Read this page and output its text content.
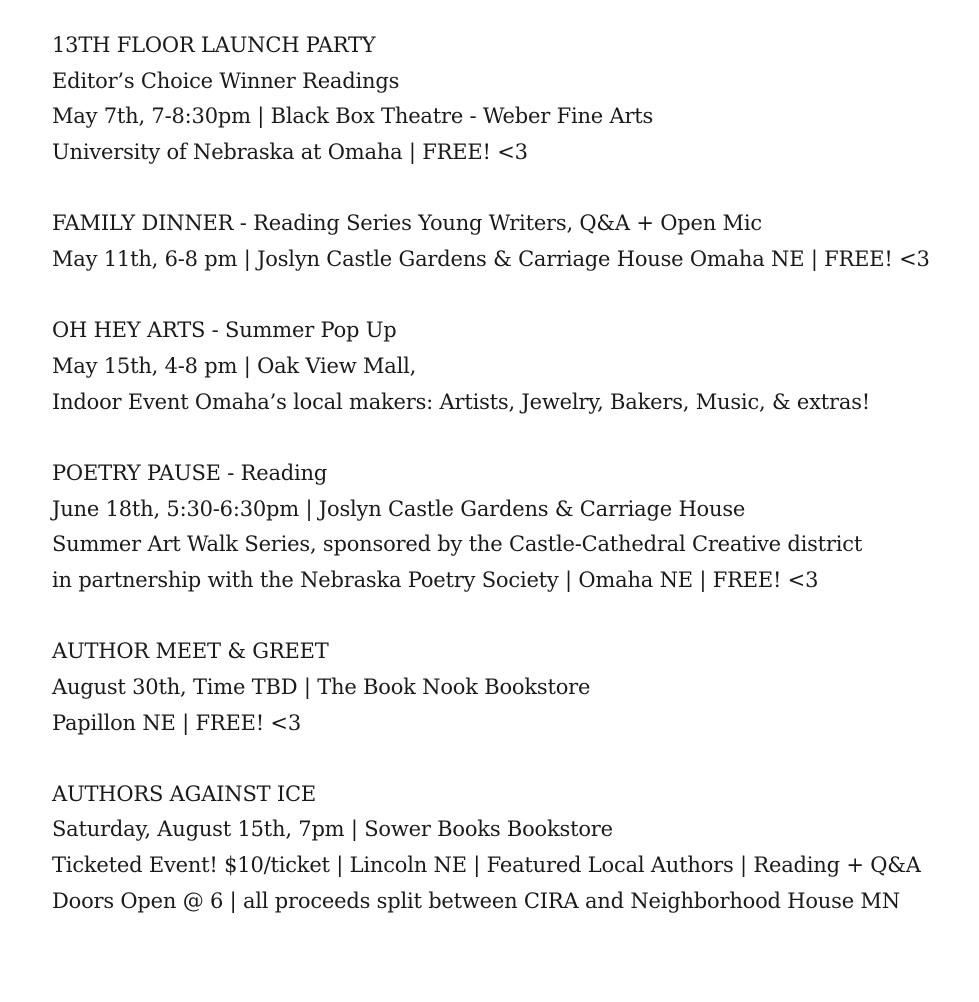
13TH FLOOR LAUNCH PARTY
Editor’s Choice Winner Readings
May 7th, 7-8:30pm | Black Box Theatre - Weber Fine Arts
University of Nebraska at Omaha | FREE! <3
FAMILY DINNER - Reading Series Young Writers, Q&A + Open Mic
May 11th, 6-8 pm | Joslyn Castle Gardens & Carriage House Omaha NE | FREE! <3
OH HEY ARTS - Summer Pop Up
May 15th, 4-8 pm | Oak View Mall,
Indoor Event Omaha’s local makers: Artists, Jewelry, Bakers, Music, & extras!
POETRY PAUSE - Reading
June 18th, 5:30-6:30pm | Joslyn Castle Gardens & Carriage House
Summer Art Walk Series, sponsored by the Castle-Cathedral Creative district
in partnership with the Nebraska Poetry Society | Omaha NE | FREE! <3
AUTHOR MEET & GREET
August 30th, Time TBD | The Book Nook Bookstore
Papillon NE | FREE! <3
AUTHORS AGAINST ICE
Saturday, August 15th, 7pm | Sower Books Bookstore
Ticketed Event! $10/ticket | Lincoln NE | Featured Local Authors | Reading + Q&A
Doors Open @ 6 | all proceeds split between CIRA and Neighborhood House MN
